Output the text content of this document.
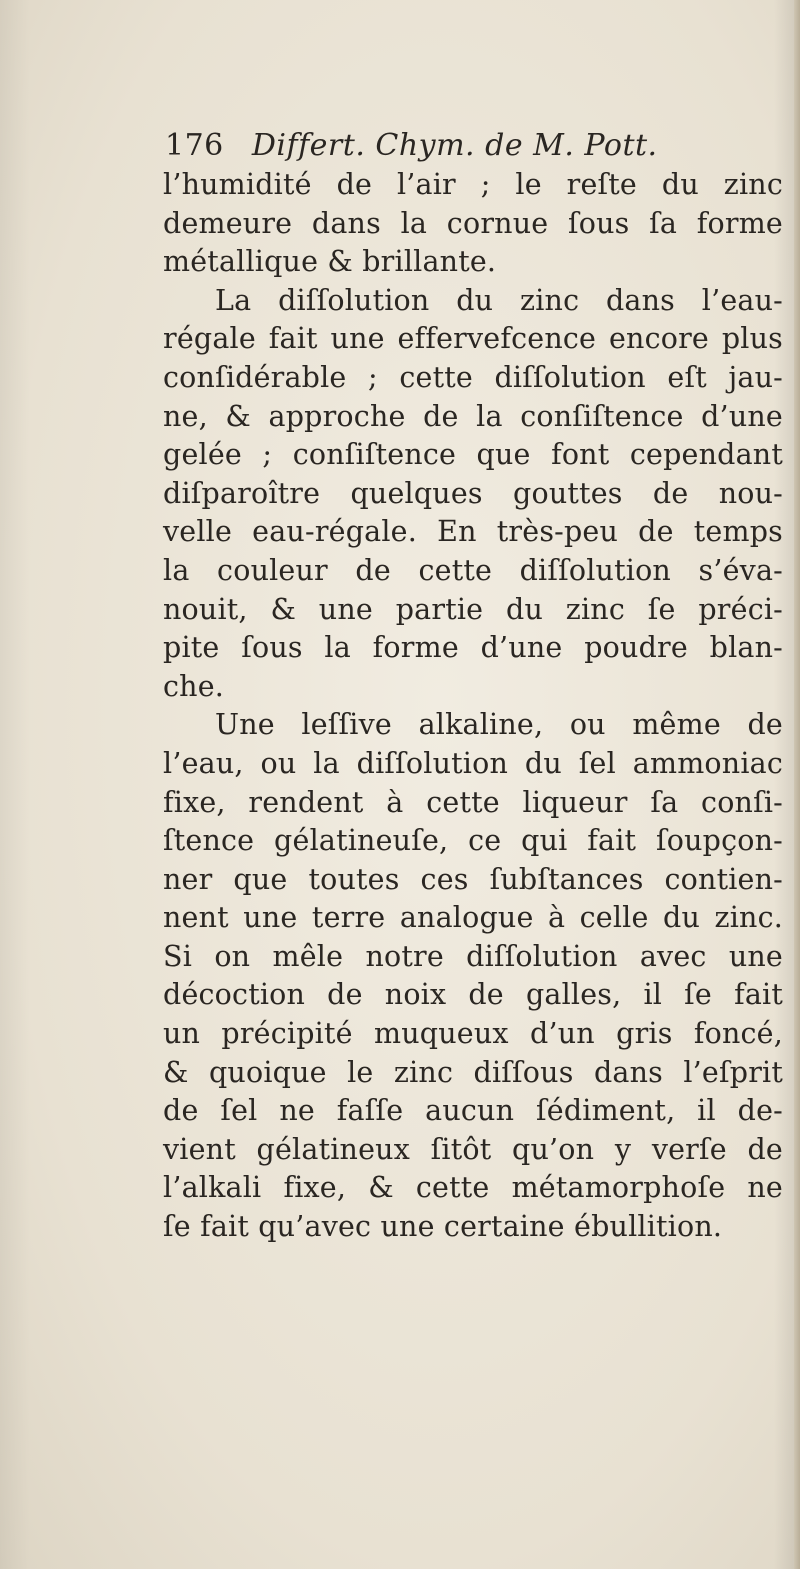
176 Differt. Chym. de M. Pott.
l’humidité de l’air ; le reſte du zinc
demeure dans la cornue ſous ſa forme
métallique & brillante.
La diſſolution du zinc dans l’eau-
régale fait une effervefcence encore plus
conſidérable ; cette diſſolution eſt jau-
ne, & approche de la conſiſtence d’une
gelée ; conſiſtence que font cependant
diſparoître quelques gouttes de nou-
velle eau-régale. En très-peu de temps
la couleur de cette diſſolution s’éva-
nouit, & une partie du zinc ſe préci-
pite ſous la forme d’une poudre blan-
che.
Une leſſive alkaline, ou même de
l’eau, ou la diſſolution du ſel ammoniac
fixe, rendent à cette liqueur ſa conſi-
ſtence gélatineuſe, ce qui fait ſoupçon-
ner que toutes ces ſubſtances contien-
nent une terre analogue à celle du zinc.
Si on mêle notre diſſolution avec une
décoction de noix de galles, il ſe fait
un précipité muqueux d’un gris foncé,
& quoique le zinc diſſous dans l’eſprit
de ſel ne faſſe aucun ſédiment, il de-
vient gélatineux ſitôt qu’on y verſe de
l’alkali fixe, & cette métamorphoſe ne
ſe fait qu’avec une certaine ébullition.
